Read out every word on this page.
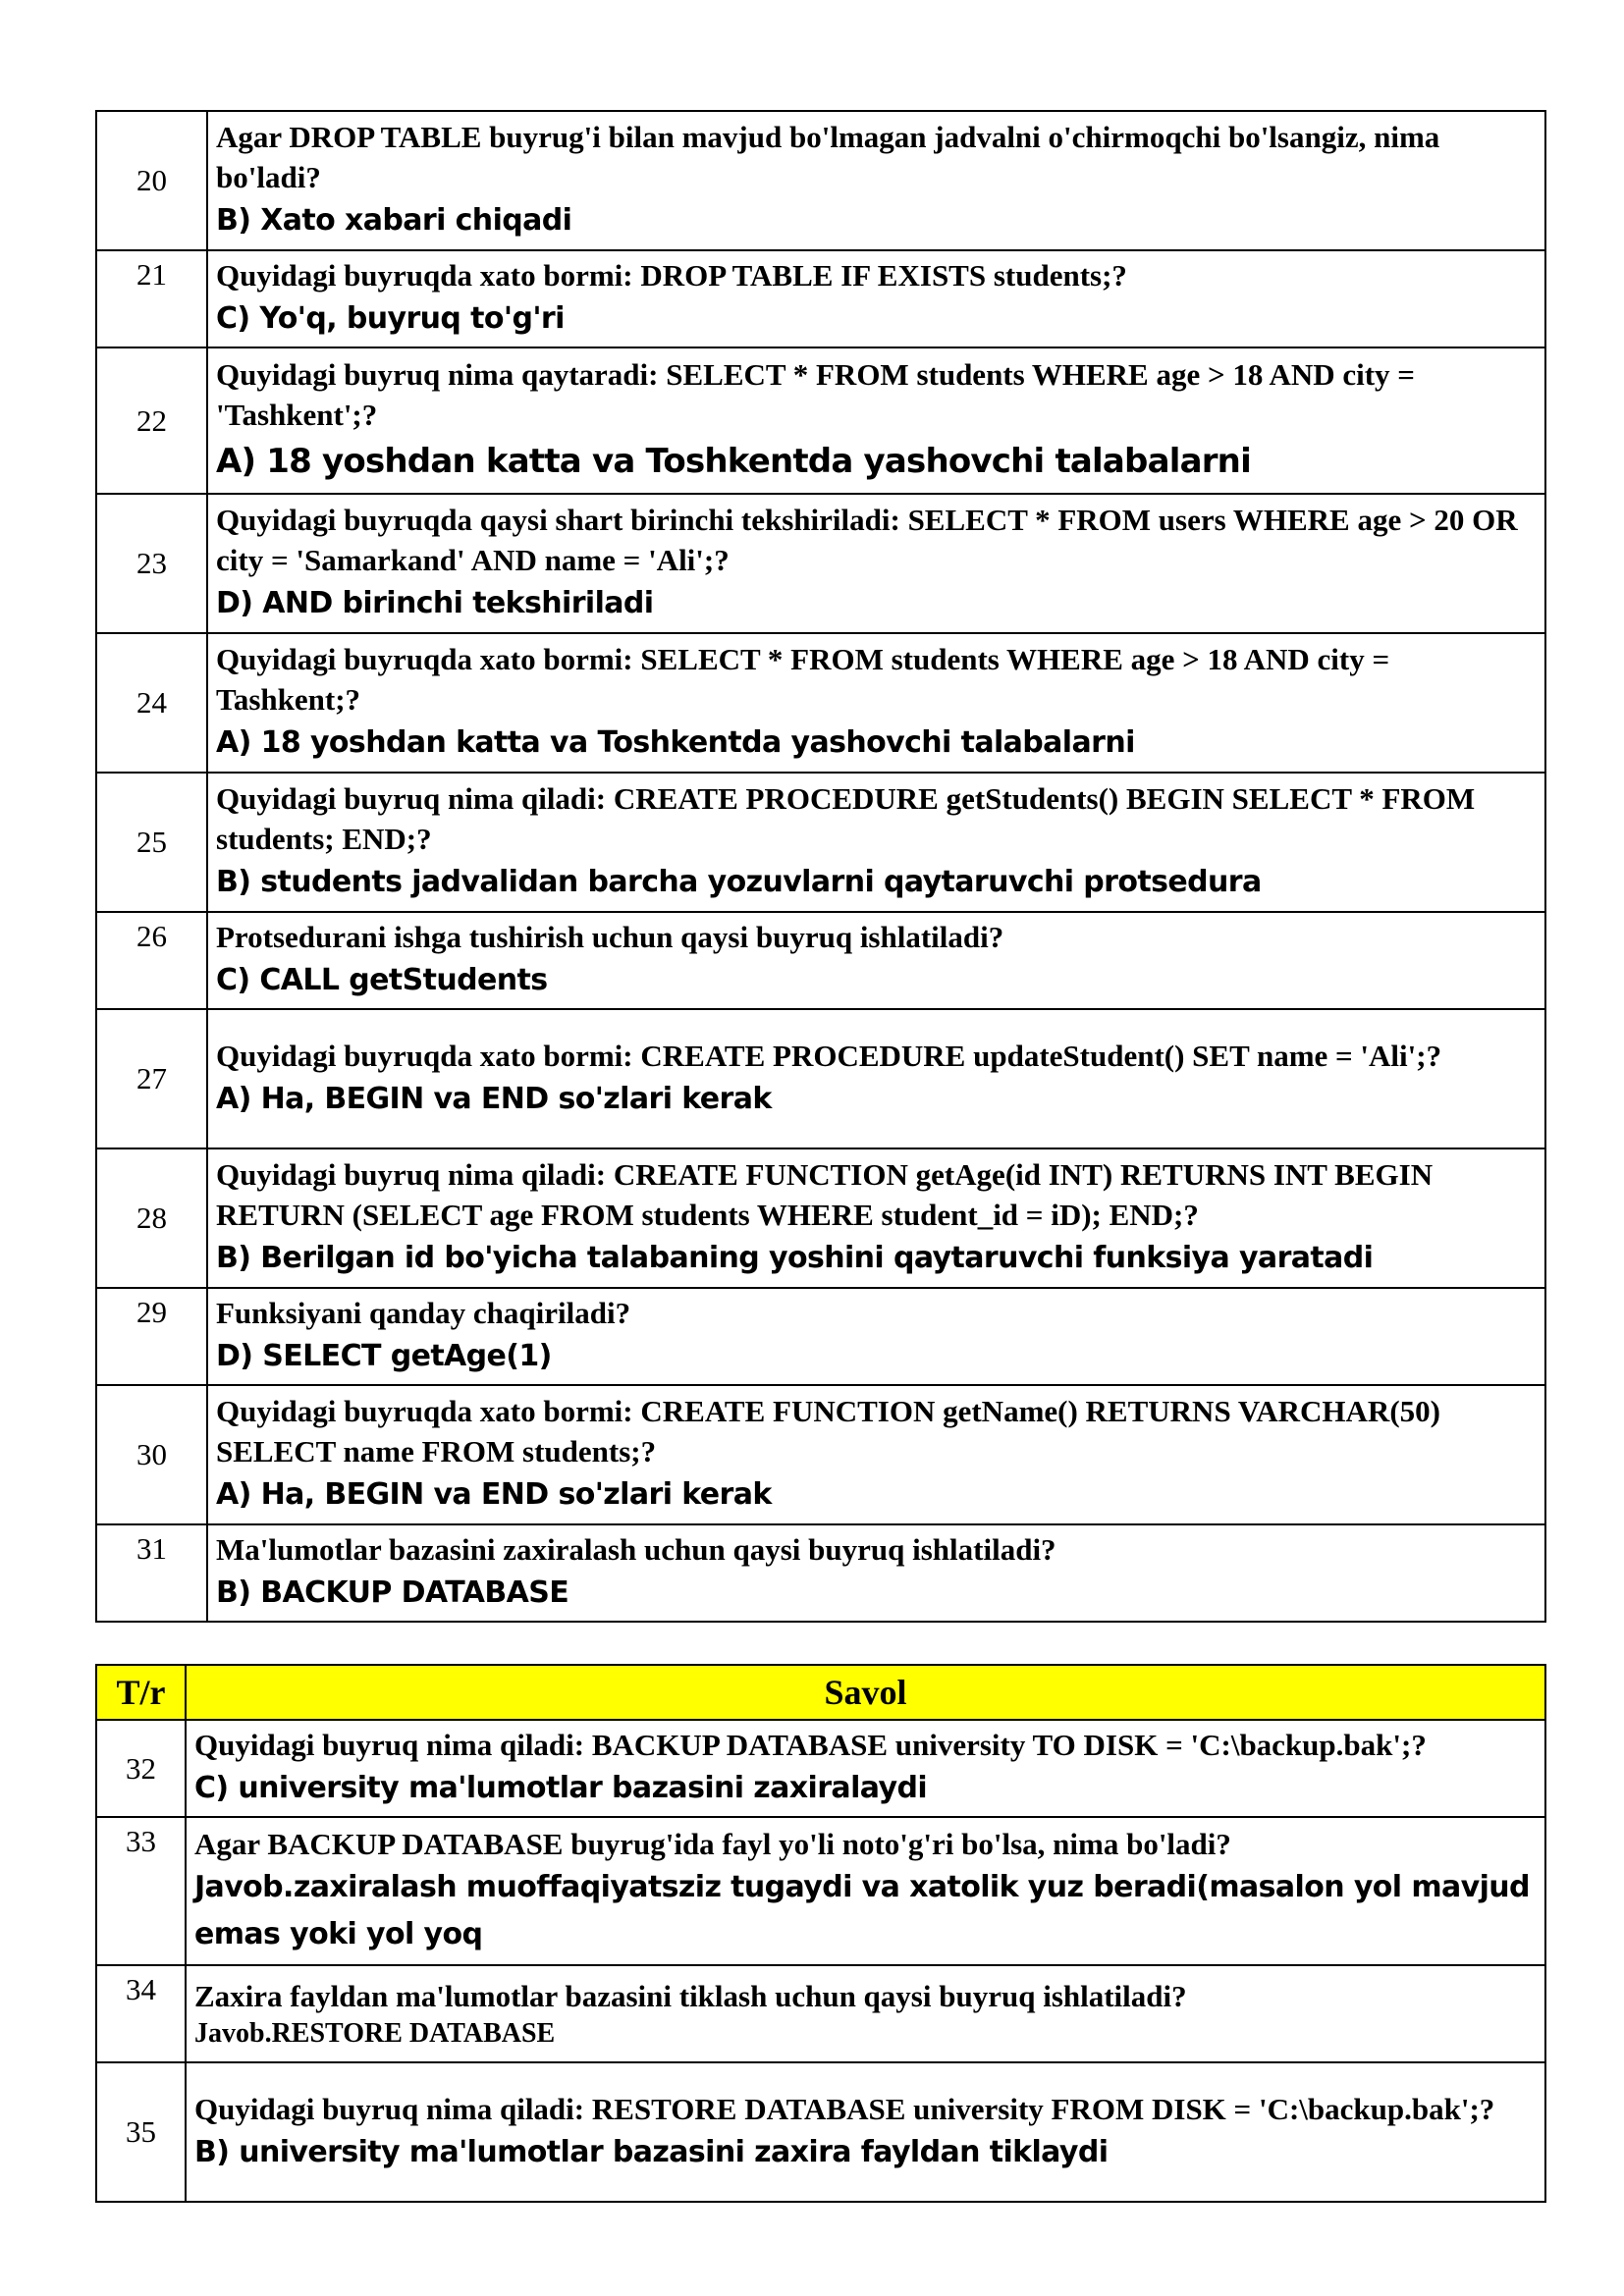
20	Agar DROP TABLE buyrug'i bilan mavjud bo'lmagan jadvalni o'chirmoqchi bo'lsangiz, nima bo'ladi?
B) Xato xabari chiqadi

21	Quyidagi buyruqda xato bormi: DROP TABLE IF EXISTS students;?
C) Yo'q, buyruq to'g'ri

22	Quyidagi buyruq nima qaytaradi: SELECT * FROM students WHERE age > 18 AND city = 'Tashkent';?
A) 18 yoshdan katta va Toshkentda yashovchi talabalarni

23	Quyidagi buyruqda qaysi shart birinchi tekshiriladi: SELECT * FROM users WHERE age > 20 OR city = 'Samarkand' AND name = 'Ali';?
D) AND birinchi tekshiriladi

24	Quyidagi buyruqda xato bormi: SELECT * FROM students WHERE age > 18 AND city = Tashkent;?
A) 18 yoshdan katta va Toshkentda yashovchi talabalarni

25	Quyidagi buyruq nima qiladi: CREATE PROCEDURE getStudents() BEGIN SELECT * FROM students; END;?
B) students jadvalidan barcha yozuvlarni qaytaruvchi protsedura

26	Protsedurani ishga tushirish uchun qaysi buyruq ishlatiladi?
C) CALL getStudents

27	Quyidagi buyruqda xato bormi: CREATE PROCEDURE updateStudent() SET name = 'Ali';?
A) Ha, BEGIN va END so'zlari kerak

28	Quyidagi buyruq nima qiladi: CREATE FUNCTION getAge(id INT) RETURNS INT BEGIN RETURN (SELECT age FROM students WHERE student_id = iD); END;?
B) Berilgan id bo'yicha talabaning yoshini qaytaruvchi funksiya yaratadi

29	Funksiyani qanday chaqiriladi?
D) SELECT getAge(1)

30	Quyidagi buyruqda xato bormi: CREATE FUNCTION getName() RETURNS VARCHAR(50) SELECT name FROM students;?
A) Ha, BEGIN va END so'zlari kerak

31	Ma'lumotlar bazasini zaxiralash uchun qaysi buyruq ishlatiladi?
B) BACKUP DATABASE
T/r	Savol
32	Quyidagi buyruq nima qiladi: BACKUP DATABASE university TO DISK = 'C:\backup.bak';?
C) university ma'lumotlar bazasini zaxiralaydi

33	Agar BACKUP DATABASE buyrug'ida fayl yo'li noto'g'ri bo'lsa, nima bo'ladi?
Javob.zaxiralash muoffaqiyatsziz tugaydi va xatolik yuz beradi(masalon yol mavjud emas yoki yol yoq

34	Zaxira fayldan ma'lumotlar bazasini tiklash uchun qaysi buyruq ishlatiladi?
Javob.RESTORE DATABASE

35	Quyidagi buyruq nima qiladi: RESTORE DATABASE university FROM DISK = 'C:\backup.bak';?
B) university ma'lumotlar bazasini zaxira fayldan tiklaydi
